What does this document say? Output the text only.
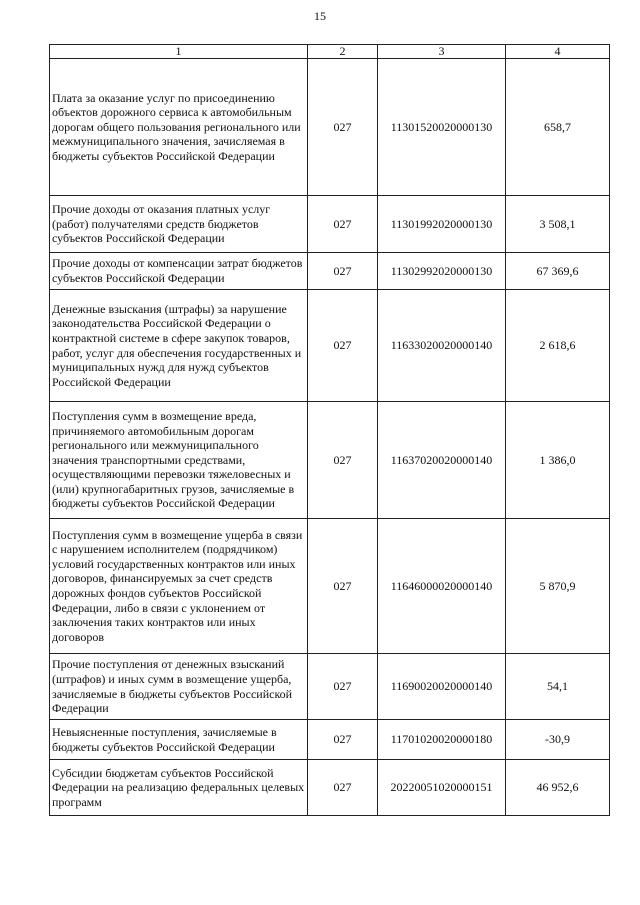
15
1	2	3	4
Плата за оказание услуг по присоединению объектов дорожного сервиса к автомобильным дорогам общего пользования регионального или межмуниципального значения, зачисляемая в бюджеты субъектов Российской Федерации	027	11301520020000130	658,7
Прочие доходы от оказания платных услуг (работ) получателями средств бюджетов субъектов Российской Федерации	027	11301992020000130	3 508,1
Прочие доходы от компенсации затрат бюджетов субъектов Российской Федерации	027	11302992020000130	67 369,6
Денежные взыскания (штрафы) за нарушение законодательства Российской Федерации о контрактной системе в сфере закупок товаров, работ, услуг для обеспечения государственных и муниципальных нужд для нужд субъектов Российской Федерации	027	11633020020000140	2 618,6
Поступления сумм в возмещение вреда, причиняемого автомобильным дорогам регионального или межмуниципального значения транспортными средствами, осуществляющими перевозки тяжеловесных и (или) крупногабаритных грузов, зачисляемые в бюджеты субъектов Российской Федерации	027	11637020020000140	1 386,0
Поступления сумм в возмещение ущерба в связи с нарушением исполнителем (подрядчиком) условий государственных контрактов или иных договоров, финансируемых за счет средств дорожных фондов субъектов Российской Федерации, либо в связи с уклонением от заключения таких контрактов или иных договоров	027	11646000020000140	5 870,9
Прочие поступления от денежных взысканий (штрафов) и иных сумм в возмещение ущерба, зачисляемые в бюджеты субъектов Российской Федерации	027	11690020020000140	54,1
Невыясненные поступления, зачисляемые в бюджеты субъектов Российской Федерации	027	11701020020000180	-30,9
Субсидии бюджетам субъектов Российской Федерации на реализацию федеральных целевых программ	027	20220051020000151	46 952,6
